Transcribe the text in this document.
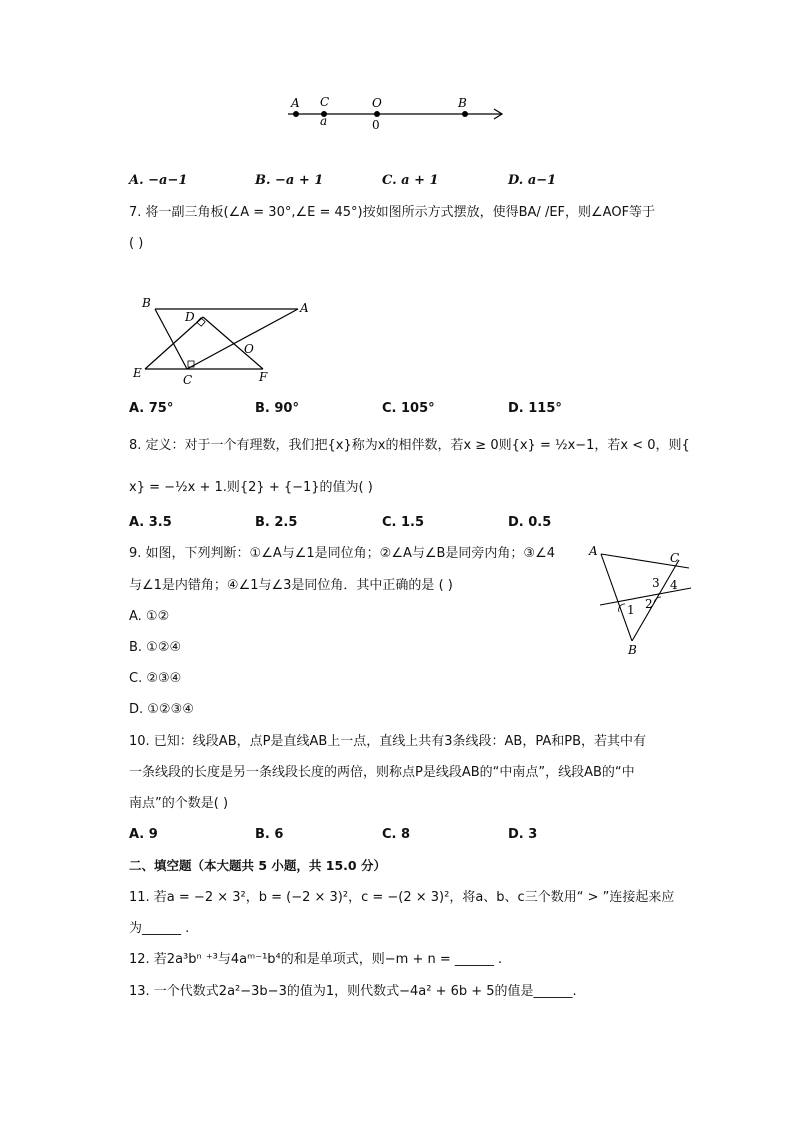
A C	O	B
a	0
A. −a−1	B. −a + 1	C. a + 1	D. a−1
7. 将一副三角板(∠A = 30°,∠E = 45°)按如图所示方式摆放，使得BA/ /EF，则∠AOF等于
( )
B
D
A
O
E	C	F
A. 75°	B. 90°	C. 105°	D. 115°
8. 定义：对于一个有理数，我们把{x}称为x的相伴数，若x ≥ 0则{x} = ½x−1，若x < 0，则{
x} = −½x + 1.则{2} + {−1}的值为( )
A. 3.5	B. 2.5	C. 1.5	D. 0.5
9. 如图，下列判断：①∠A与∠1是同位角；②∠A与∠B是同旁内角；③∠4
与∠1是内错角；④∠1与∠3是同位角．其中正确的是 ( )
A	C
3 4
1 2
B
A. ①②
B. ①②④
C. ②③④
D. ①②③④
10. 已知：线段AB，点P是直线AB上一点，直线上共有3条线段：AB，PA和PB，若其中有
一条线段的长度是另一条线段长度的两倍，则称点P是线段AB的“中南点”，线段AB的“中
南点”的个数是( )
A. 9	B. 6	C. 8	D. 3
二、填空题（本大题共 5 小题，共 15.0 分）
11. 若a = −2 × 3²，b = (−2 × 3)²，c = −(2 × 3)²，将a、b、c三个数用“ > ”连接起来应
为______ .
12. 若2a³bⁿ ⁺³与4aᵐ⁻¹b⁴的和是单项式，则−m + n = ______ .
13. 一个代数式2a²−3b−3的值为1，则代数式−4a² + 6b + 5的值是______.
